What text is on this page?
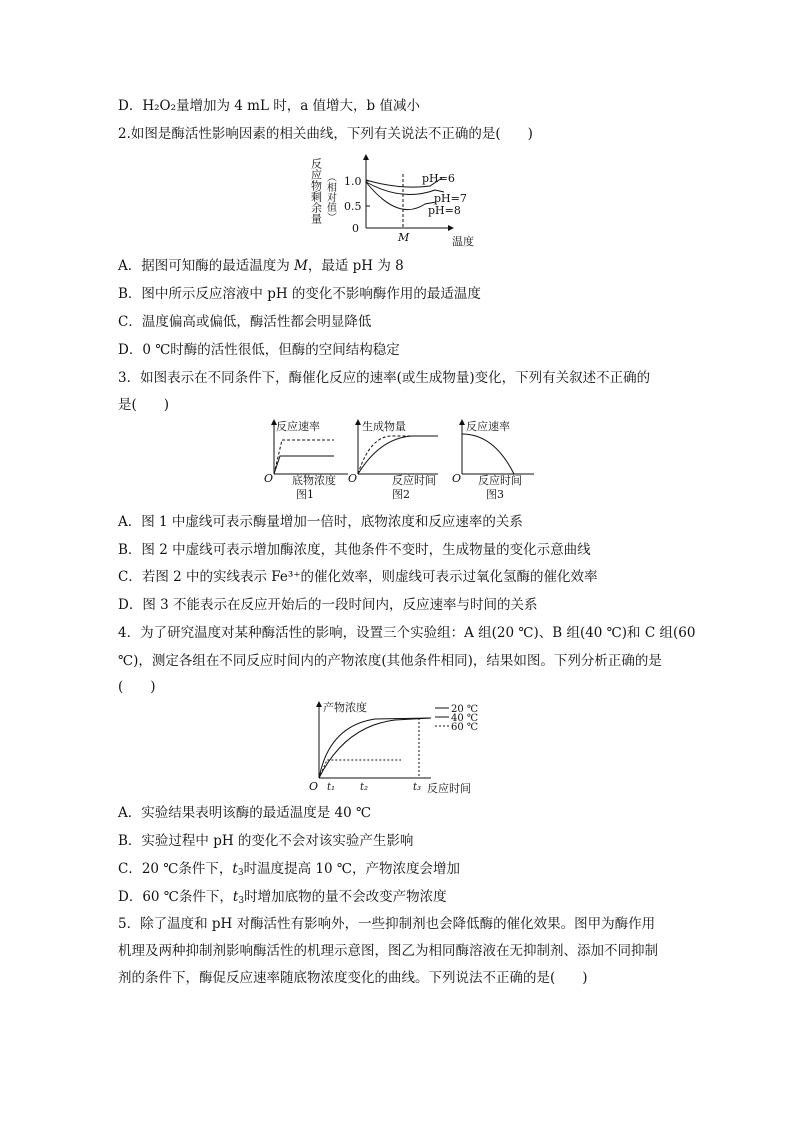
D．H₂O₂量增加为 4 mL 时，a 值增大，b 值减小
2.如图是酶活性影响因素的相关曲线，下列有关说法不正确的是(　　)
反应物剩余量 （相对值） 1.0
0.5
0
M
pH=6
pH=7
pH=8
温度
A．据图可知酶的最适温度为 M，最适 pH 为 8
B．图中所示反应溶液中 pH 的变化不影响酶作用的最适温度
C．温度偏高或偏低，酶活性都会明显降低
D．0 ℃时酶的活性很低，但酶的空间结构稳定
3．如图表示在不同条件下，酶催化反应的速率(或生成物量)变化，下列有关叙述不正确的
是(　　)
反应速率
O 底物浓度
图1
生成物量
O	反应时间
图2
反应速率
O 反应时间
图3
A．图 1 中虚线可表示酶量增加一倍时，底物浓度和反应速率的关系
B．图 2 中虚线可表示增加酶浓度，其他条件不变时，生成物量的变化示意曲线
C．若图 2 中的实线表示 Fe³⁺的催化效率，则虚线可表示过氧化氢酶的催化效率
D．图 3 不能表示在反应开始后的一段时间内，反应速率与时间的关系
4．为了研究温度对某种酶活性的影响，设置三个实验组：A 组(20 ℃)、B 组(40 ℃)和 C 组(60
℃)，测定各组在不同反应时间内的产物浓度(其他条件相同)，结果如图。下列分析正确的是
(　　)
产物浓度	20 ℃
40 ℃
60 ℃
O t₁ t₂	t₃ 反应时间
A．实验结果表明该酶的最适温度是 40 ℃
B．实验过程中 pH 的变化不会对该实验产生影响
C．20 ℃条件下，$t_3$时温度提高 10 ℃，产物浓度会增加
D．60 ℃条件下，$t_3$时增加底物的量不会改变产物浓度
5．除了温度和 pH 对酶活性有影响外，一些抑制剂也会降低酶的催化效果。图甲为酶作用
机理及两种抑制剂影响酶活性的机理示意图，图乙为相同酶溶液在无抑制剂、添加不同抑制
剂的条件下，酶促反应速率随底物浓度变化的曲线。下列说法不正确的是(　　)
